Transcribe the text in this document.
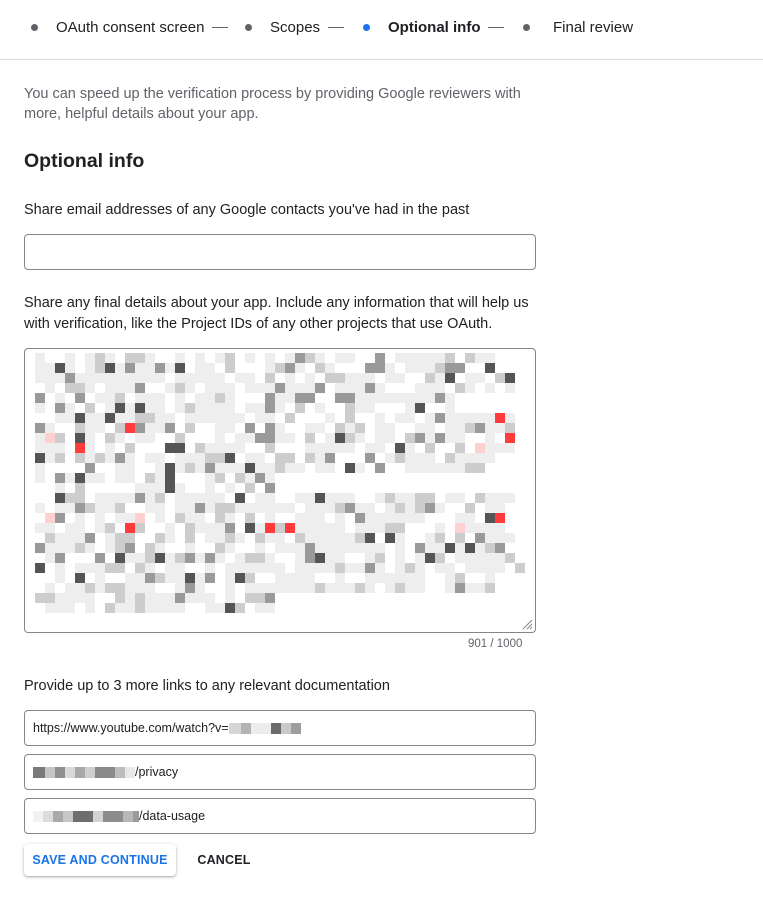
OAuth consent screen	Scopes	Optional info	Final review

You can speed up the verification process by providing Google reviewers with more, helpful details about your app.

Optional info
Share email addresses of any Google contacts you've had in the past
Share any final details about your app. Include any information that will help us with verification, like the Project IDs of any other projects that use OAuth.
901 / 1000
Provide up to 3 more links to any relevant documentation
https://www.youtube.com/watch?v=
/privacy
/data-usage
SAVE AND CONTINUE	CANCEL
